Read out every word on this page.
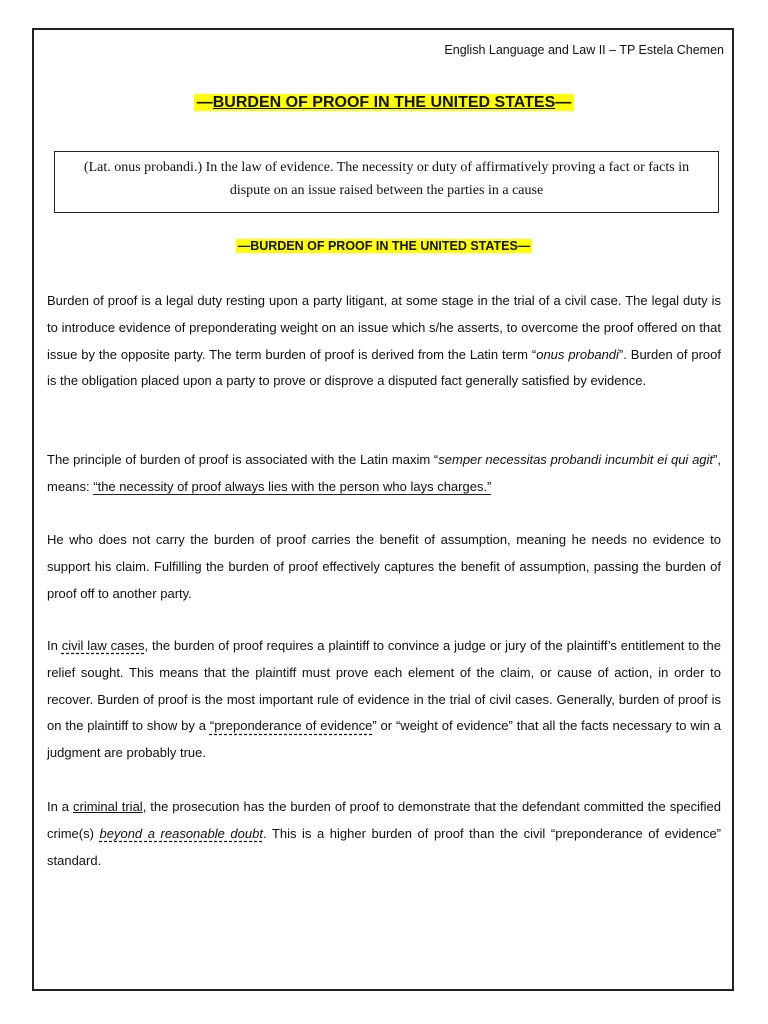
English Language and Law II – TP Estela Chemen
—BURDEN OF PROOF IN THE UNITED STATES—
(Lat. onus probandi.) In the law of evidence. The necessity or duty of affirmatively proving a fact or facts in dispute on an issue raised between the parties in a cause
—BURDEN OF PROOF IN THE UNITED STATES—

Burden of proof is a legal duty resting upon a party litigant, at some stage in the trial of a civil case. The legal duty is to introduce evidence of preponderating weight on an issue which s/he asserts, to overcome the proof offered on that issue by the opposite party. The term burden of proof is derived from the Latin term “onus probandi”. Burden of proof is the obligation placed upon a party to prove or disprove a disputed fact generally satisfied by evidence.

The principle of burden of proof is associated with the Latin maxim “semper necessitas probandi incumbit ei qui agit”, means: “the necessity of proof always lies with the person who lays charges.”

He who does not carry the burden of proof carries the benefit of assumption, meaning he needs no evidence to support his claim. Fulfilling the burden of proof effectively captures the benefit of assumption, passing the burden of proof off to another party.

In civil law cases, the burden of proof requires a plaintiff to convince a judge or jury of the plaintiff’s entitlement to the relief sought. This means that the plaintiff must prove each element of the claim, or cause of action, in order to recover. Burden of proof is the most important rule of evidence in the trial of civil cases. Generally, burden of proof is on the plaintiff to show by a “preponderance of evidence” or “weight of evidence” that all the facts necessary to win a judgment are probably true.

In a criminal trial, the prosecution has the burden of proof to demonstrate that the defendant committed the specified crime(s) beyond a reasonable doubt. This is a higher burden of proof than the civil “preponderance of evidence” standard.
